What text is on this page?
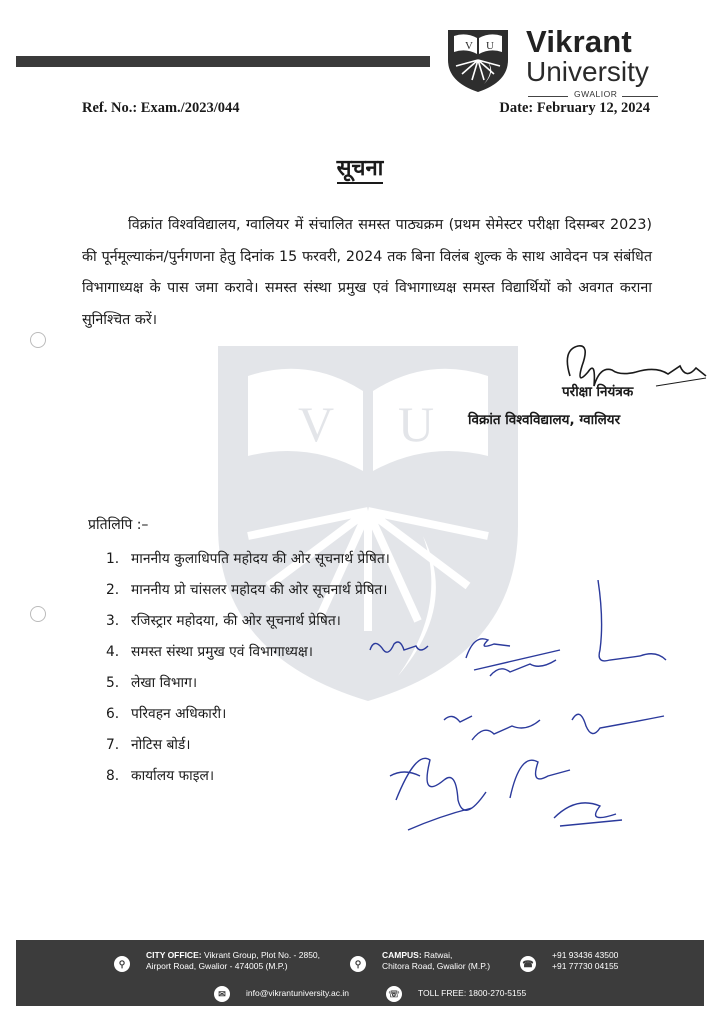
V U Vikrant
University
GWALIOR
Ref. No.: Exam./2023/044	Date: February 12, 2024
V U
सूचना
विक्रांत विश्वविद्यालय, ग्वालियर में संचालित समस्त पाठ्यक्रम (प्रथम सेमेस्टर परीक्षा दिसम्बर 2023) की पूर्नमूल्याकंन/पुर्नगणना हेतु दिनांक 15 फरवरी, 2024 तक बिना विलंब शुल्क के साथ आवेदन पत्र संबंधित विभागाध्यक्ष के पास जमा करावे। समस्त संस्था प्रमुख एवं विभागाध्यक्ष समस्त विद्यार्थियों को अवगत कराना सुनिश्चित करें।
परीक्षा नियंत्रक
विक्रांत विश्वविद्यालय, ग्वालियर
प्रतिलिपि :–
1. माननीय कुलाधिपति महोदय की ओर सूचनार्थ प्रेषित।
2. माननीय प्रो चांसलर महोदय की ओर सूचनार्थ प्रेषित।
3. रजिस्ट्रार महोदया, की ओर सूचनार्थ प्रेषित।
4. समस्त संस्था प्रमुख एवं विभागाध्यक्ष।
5. लेखा विभाग।
6. परिवहन अधिकारी।
7. नोटिस बोर्ड।
8. कार्यालय फाइल।
⚲
CITY OFFICE: Vikrant Group, Plot No. - 2850,
Airport Road, Gwalior - 474005 (M.P.)	⚲
CAMPUS: Ratwai,
Chitora Road, Gwalior (M.P.)	☎
+91 93436 43500
+91 77730 04155
✉	info@vikrantuniversity.ac.in	☏ TOLL FREE: 1800-270-5155
